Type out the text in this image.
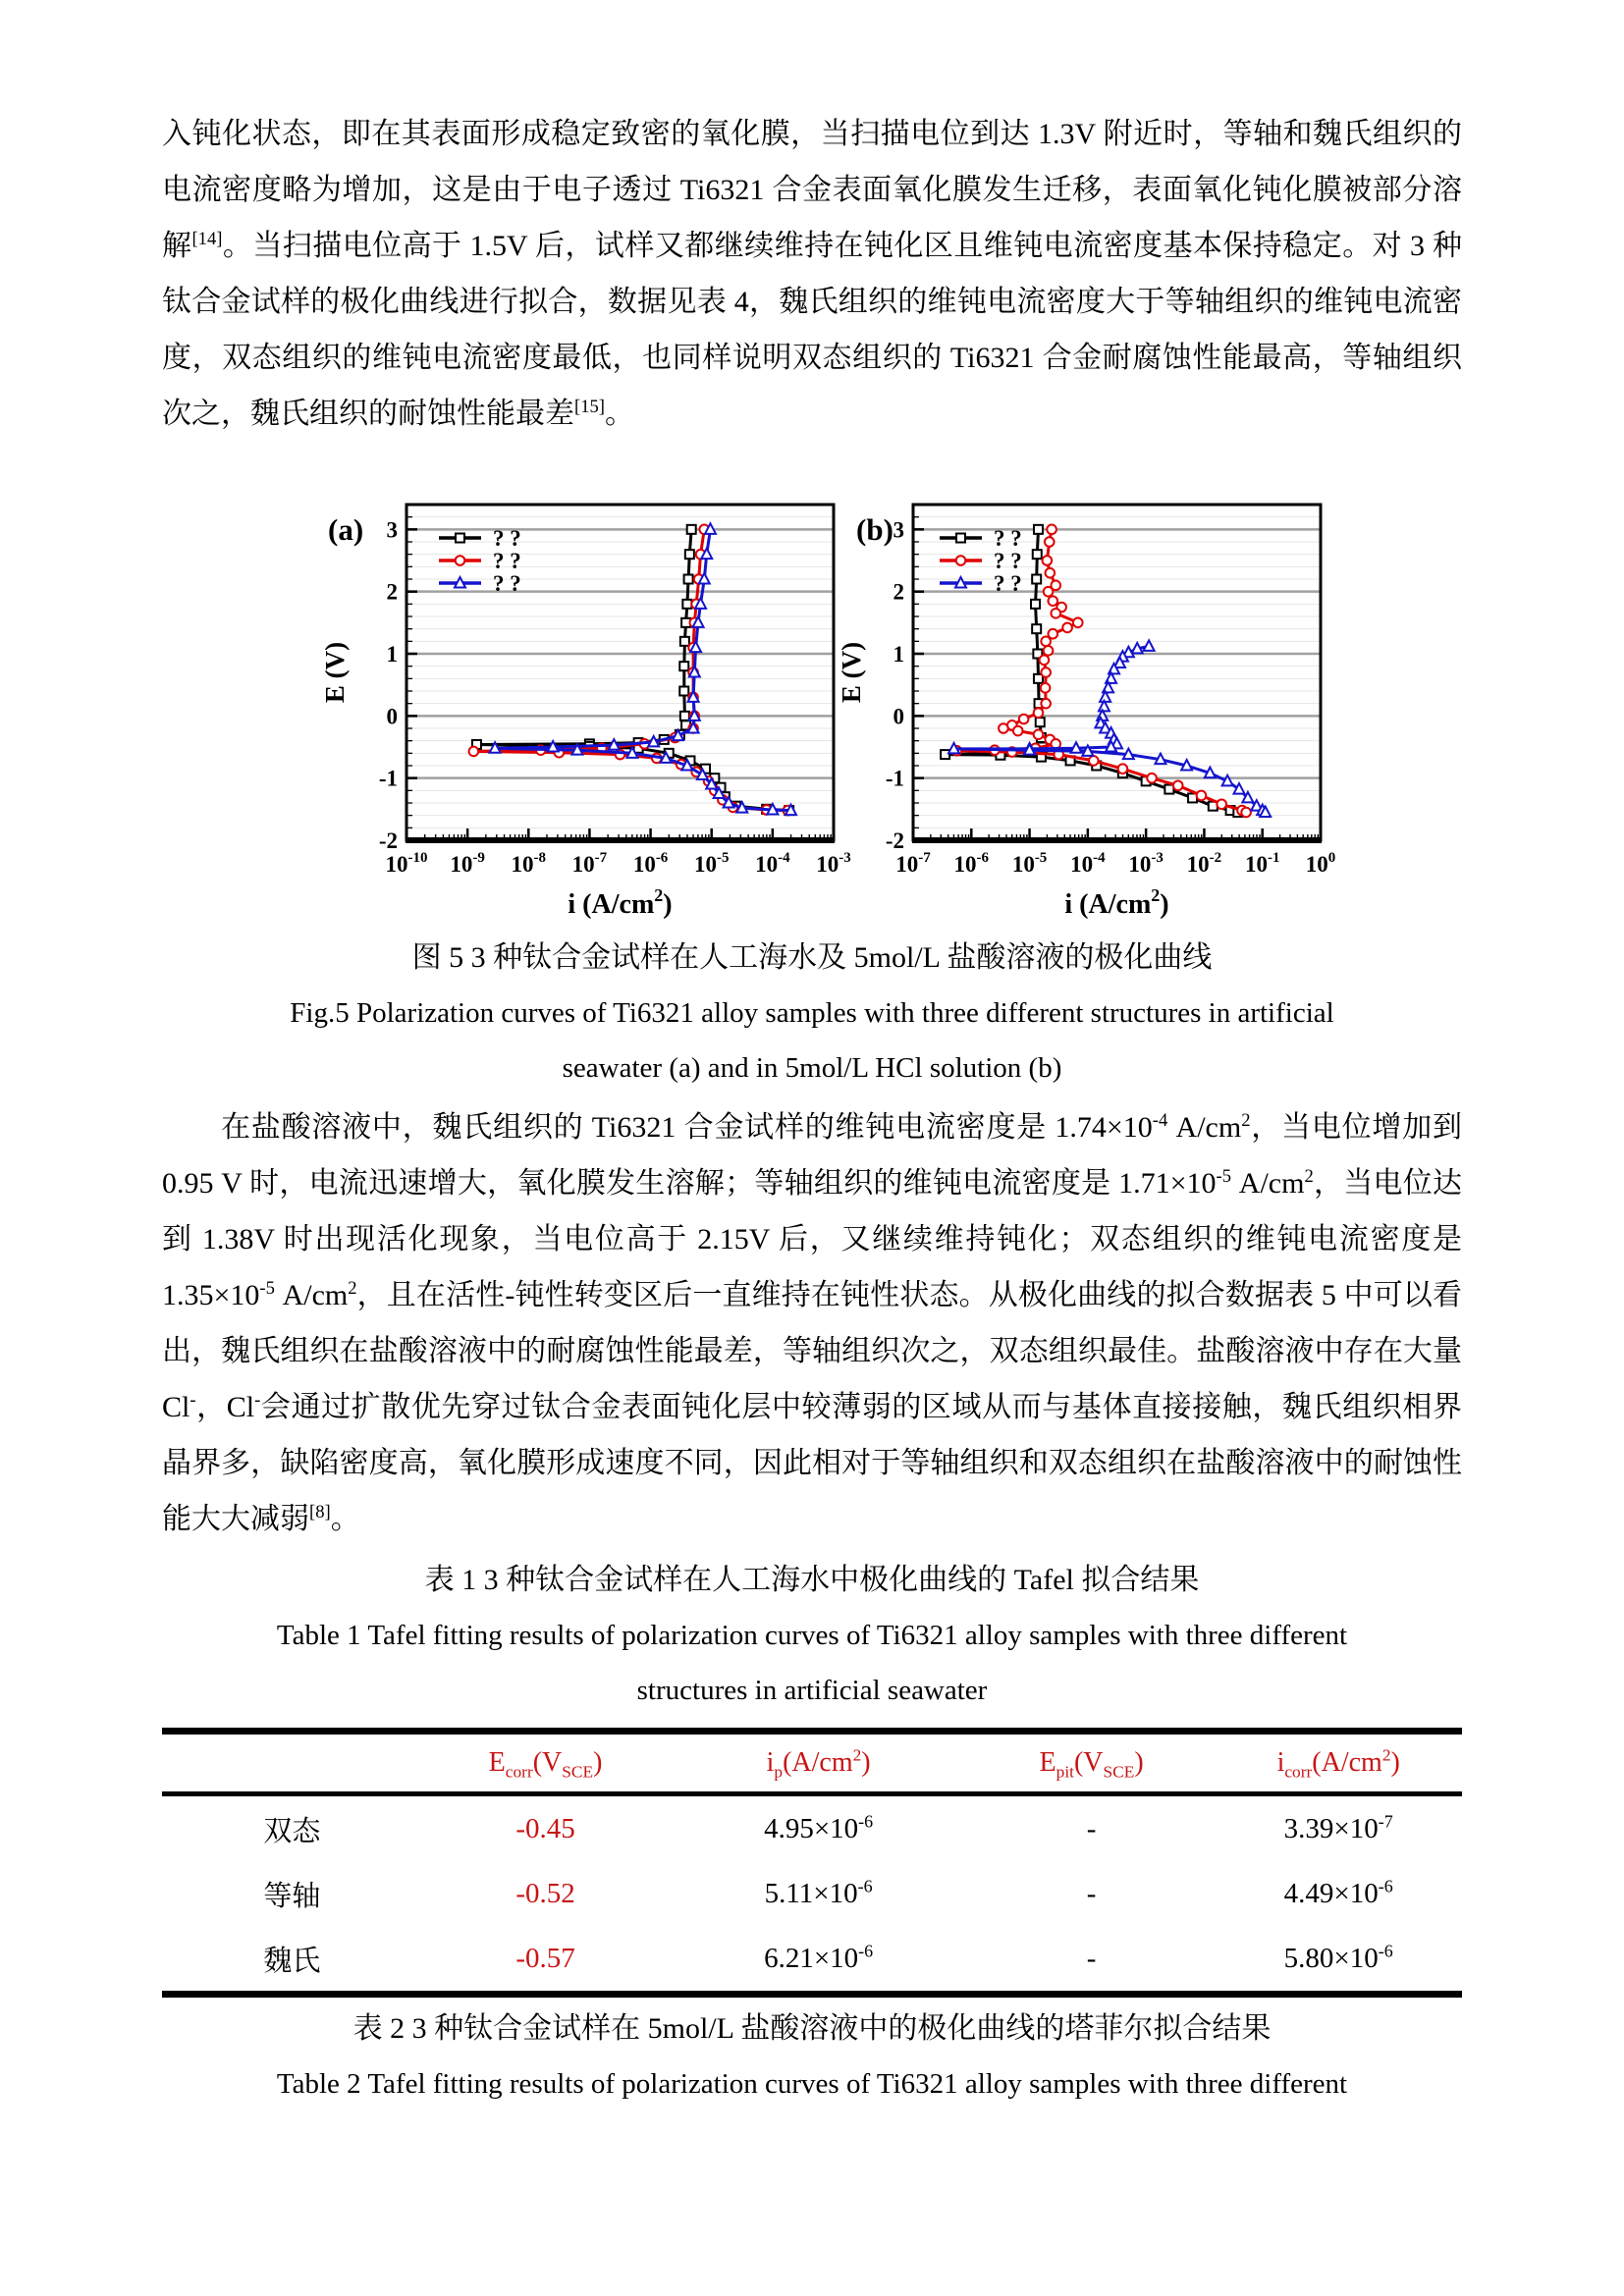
入钝化状态，即在其表面形成稳定致密的氧化膜，当扫描电位到达 1.3V 附近时，等轴和魏氏组织的电流密度略为增加，这是由于电子透过 Ti6321 合金表面氧化膜发生迁移，表面氧化钝化膜被部分溶解[14]。当扫描电位高于 1.5V 后，试样又都继续维持在钝化区且维钝电流密度基本保持稳定。对 3 种钛合金试样的极化曲线进行拟合，数据见表 4，魏氏组织的维钝电流密度大于等轴组织的维钝电流密度，双态组织的维钝电流密度最低，也同样说明双态组织的 Ti6321 合金耐腐蚀性能最高，等轴组织次之，魏氏组织的耐蚀性能最差[15]。

$10^{-10}$ $10^{-9}$ $10^{-8}$ $10^{-7}$ $10^{-6}$ $10^{-5}$ $10^{-4}$ $10^{-3}$
-2
-1
0
1
2
3
(a)
E (V)
i $(A/cm^2)$
? ?
? ?
? ?
$10^{-7}$ $10^{-6}$ $10^{-5}$ $10^{-4}$ $10^{-3}$ $10^{-2}$ $10^{-1}$ $10^0$
-2
-1
0
1
2
3
(b)
E (V)
i $(A/cm^2)$
? ?
? ?
? ?

图 5 3 种钛合金试样在人工海水及 5mol/L 盐酸溶液的极化曲线

Fig.5 Polarization curves of Ti6321 alloy samples with three different structures in artificial

seawater (a) and in 5mol/L HCl solution (b)

在盐酸溶液中，魏氏组织的 Ti6321 合金试样的维钝电流密度是 $1.74\times 10^{-4}$ $A/cm^2$，当电位增加到 0.95 V 时，电流迅速增大，氧化膜发生溶解；等轴组织的维钝电流密度是 $1.71\times 10^{-5}$ $A/cm^2$，当电位达到 1.38V 时出现活化现象，当电位高于 2.15V 后，又继续维持钝化；双态组织的维钝电流密度是 $1.35\times 10^{-5}$ $A/cm^2$，且在活性-钝性转变区后一直维持在钝性状态。从极化曲线的拟合数据表 5 中可以看出，魏氏组织在盐酸溶液中的耐腐蚀性能最差，等轴组织次之，双态组织最佳。盐酸溶液中存在大量 Cl-，Cl-会通过扩散优先穿过钛合金表面钝化层中较薄弱的区域从而与基体直接接触，魏氏组织相界晶界多，缺陷密度高，氧化膜形成速度不同，因此相对于等轴组织和双态组织在盐酸溶液中的耐蚀性能大大减弱[8]。

表 1 3 种钛合金试样在人工海水中极化曲线的 Tafel 拟合结果

Table 1 Tafel fitting results of polarization curves of Ti6321 alloy samples with three different

structures in artificial seawater

	$E_{corr}(V_{SCE})$	$i_p(A/cm^2)$	$E_{pit}(V_{SCE})$	$i_{corr}(A/cm^2)$
双态	-0.45	$4.95\times 10^{-6}$	-	$3.39\times 10^{-7}$
等轴	-0.52	$5.11\times 10^{-6}$	-	$4.49\times 10^{-6}$
魏氏	-0.57	$6.21\times 10^{-6}$	-	$5.80\times 10^{-6}$

表 2 3 种钛合金试样在 5mol/L 盐酸溶液中的极化曲线的塔菲尔拟合结果

Table 2 Tafel fitting results of polarization curves of Ti6321 alloy samples with three different
